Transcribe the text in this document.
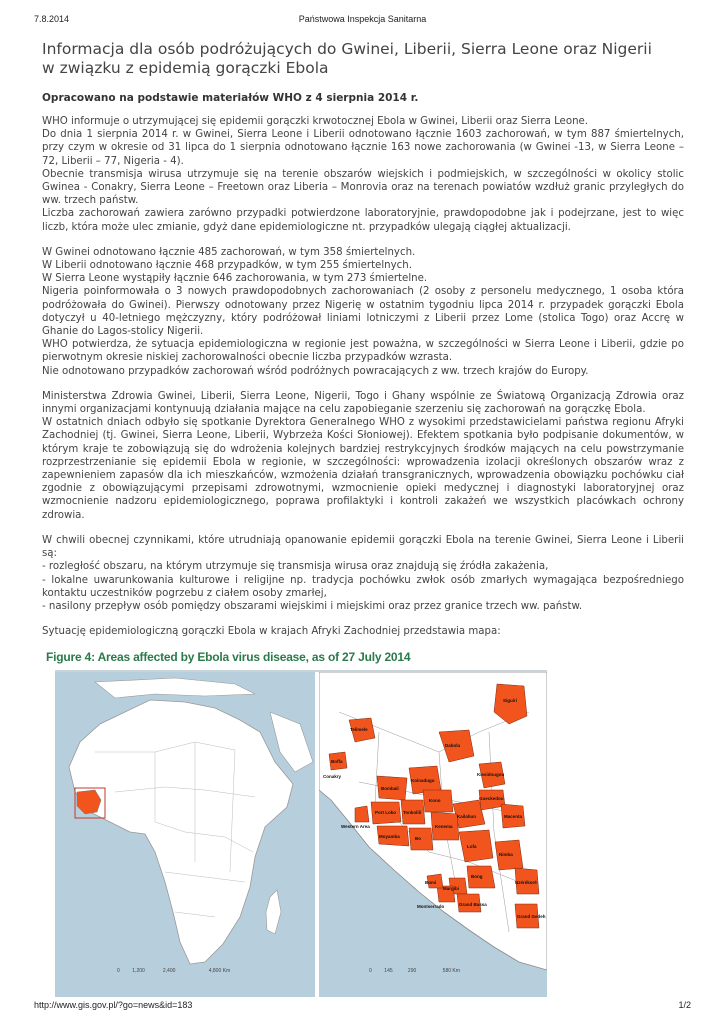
7.8.2014	Państwowa Inspekcja Sanitarna
Informacja dla osób podróżujących do Gwinei, Liberii, Sierra Leone oraz Nigerii
w związku z epidemią gorączki Ebola
Opracowano na podstawie materiałów WHO z 4 sierpnia 2014 r.
WHO informuje o utrzymującej się epidemii gorączki krwotocznej Ebola w Gwinei, Liberii oraz Sierra Leone.
Do dnia 1 sierpnia 2014 r. w Gwinei, Sierra Leone i Liberii odnotowano łącznie 1603 zachorowań, w tym 887 śmiertelnych, przy czym w okresie od 31 lipca do 1 sierpnia odnotowano łącznie 163 nowe zachorowania (w Gwinei -13, w Sierra Leone – 72, Liberii – 77, Nigeria - 4).
Obecnie transmisja wirusa utrzymuje się na terenie obszarów wiejskich i podmiejskich, w szczególności w okolicy stolic Gwinea - Conakry, Sierra Leone – Freetown oraz Liberia – Monrovia oraz na terenach powiatów wzdłuż granic przyległych do ww. trzech państw.
Liczba zachorowań zawiera zarówno przypadki potwierdzone laboratoryjnie, prawdopodobne jak i podejrzane, jest to więc liczb, która może ulec zmianie, gdyż dane epidemiologiczne nt. przypadków ulegają ciągłej aktualizacji.
W Gwinei odnotowano łącznie 485 zachorowań, w tym 358 śmiertelnych.
W Liberii odnotowano łącznie 468 przypadków, w tym 255 śmiertelnych.
W Sierra Leone wystąpiły łącznie 646 zachorowania, w tym 273 śmiertelne.
Nigeria poinformowała o 3 nowych prawdopodobnych zachorowaniach (2 osoby z personelu medycznego, 1 osoba która podróżowała do Gwinei). Pierwszy odnotowany przez Nigerię w ostatnim tygodniu lipca 2014 r. przypadek gorączki Ebola dotyczył u 40-letniego mężczyzny, który podróżował liniami lotniczymi z Liberii przez Lome (stolica Togo) oraz Accrę w Ghanie do Lagos-stolicy Nigerii.
WHO potwierdza, że sytuacja epidemiologiczna w regionie jest poważna, w szczególności w Sierra Leone i Liberii, gdzie po pierwotnym okresie niskiej zachorowalności obecnie liczba przypadków wzrasta.
Nie odnotowano przypadków zachorowań wśród podróżnych powracających z ww. trzech krajów do Europy.
Ministerstwa Zdrowia Gwinei, Liberii, Sierra Leone, Nigerii, Togo i Ghany wspólnie ze Światową Organizacją Zdrowia oraz innymi organizacjami kontynuują działania mające na celu zapobieganie szerzeniu się zachorowań na gorączkę Ebola.
W ostatnich dniach odbyło się spotkanie Dyrektora Generalnego WHO z wysokimi przedstawicielami państwa regionu Afryki Zachodniej (tj. Gwinei, Sierra Leone, Liberii, Wybrzeża Kości Słoniowej). Efektem spotkania było podpisanie dokumentów, w którym kraje te zobowiązują się do wdrożenia kolejnych bardziej restrykcyjnych środków mających na celu powstrzymanie rozprzestrzenianie się epidemii Ebola w regionie, w szczególności: wprowadzenia izolacji określonych obszarów wraz z zapewnieniem zapasów dla ich mieszkańców, wzmożenia działań transgranicznych, wprowadzenia obowiązku pochówku ciał zgodnie z obowiązującymi przepisami zdrowotnymi, wzmocnienie opieki medycznej i diagnostyki laboratoryjnej oraz wzmocnienie nadzoru epidemiologicznego, poprawa profilaktyki i kontroli zakażeń we wszystkich placówkach ochrony zdrowia.
W chwili obecnej czynnikami, które utrudniają opanowanie epidemii gorączki Ebola na terenie Gwinei, Sierra Leone i Liberii są:
- rozległość obszaru, na którym utrzymuje się transmisja wirusa oraz znajdują się źródła zakażenia,
- lokalne uwarunkowania kulturowe i religijne np. tradycja pochówku zwłok osób zmarłych wymagająca bezpośredniego kontaktu uczestników pogrzebu z ciałem osoby zmarłej,
- nasilony przepływ osób pomiędzy obszarami wiejskimi i miejskimi oraz przez granice trzech ww. państw.
Sytuację epidemiologiczną gorączki Ebola w krajach Afryki Zachodniej przedstawia mapa:
Figure 4: Areas affected by Ebola virus disease, as of 27 July 2014
0	1,200	2,400	4,800 Km
Siguiri
Telimele
Conakry
Boffa
Dabola
Kissidougou
Bombali
Koinadugu
Kailahun
Kenema
Macenta
Gueckedou
Kono
Lofa
Western Area
Port Loko Tonkolili
Bo
Moyamba
Nimba
Bong
Margibi
Montserrado	Grand Bassa
Grand Gedeh
Bomi	Nzérékoré
0	145	290	580 Km
http://www.gis.gov.pl/?go=news&id=183	1/2
